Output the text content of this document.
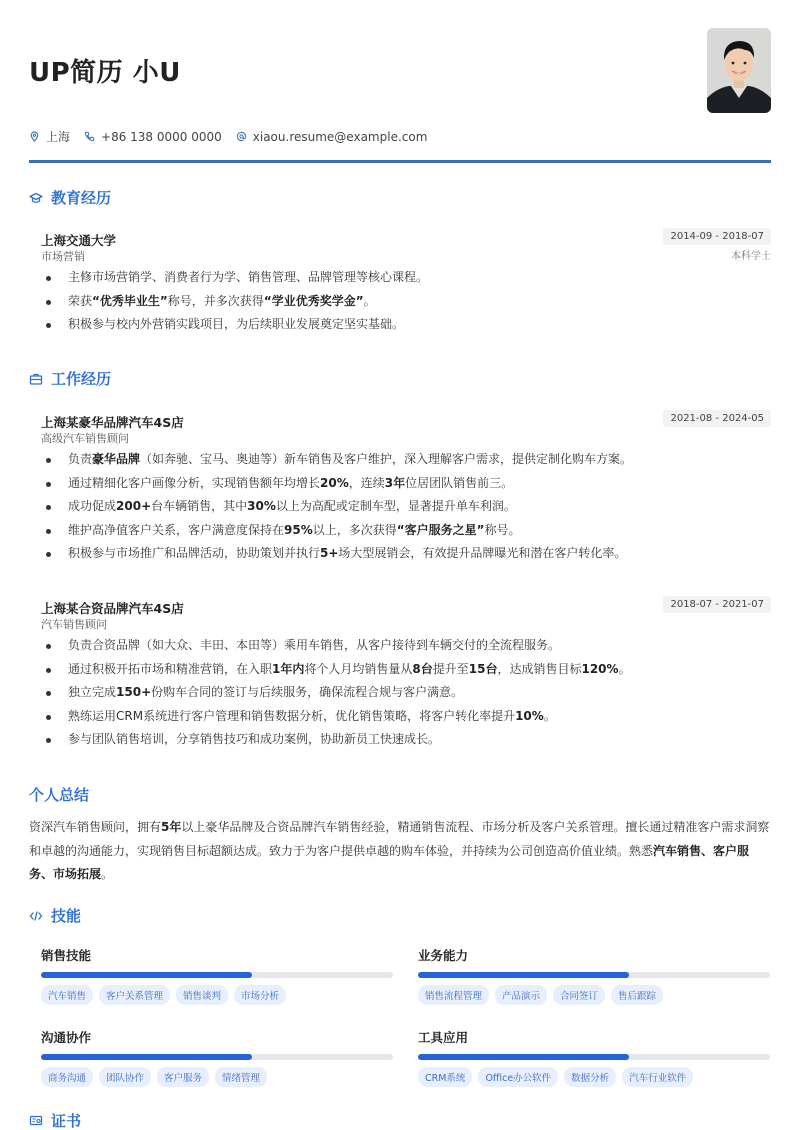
UP简历 小U
上海	+86 138 0000 0000	xiaou.resume@example.com
教育经历
上海交通大学	2014-09 - 2018-07
市场营销	本科学士
主修市场营销学、消费者行为学、销售管理、品牌管理等核心课程。
荣获“优秀毕业生”称号，并多次获得“学业优秀奖学金”。
积极参与校内外营销实践项目，为后续职业发展奠定坚实基础。
工作经历
上海某豪华品牌汽车4S店	2021-08 - 2024-05
高级汽车销售顾问
负责豪华品牌（如奔驰、宝马、奥迪等）新车销售及客户维护，深入理解客户需求，提供定制化购车方案。
通过精细化客户画像分析，实现销售额年均增长20%，连续3年位居团队销售前三。
成功促成200+台车辆销售，其中30%以上为高配或定制车型，显著提升单车利润。
维护高净值客户关系，客户满意度保持在95%以上，多次获得“客户服务之星”称号。
积极参与市场推广和品牌活动，协助策划并执行5+场大型展销会，有效提升品牌曝光和潜在客户转化率。
上海某合资品牌汽车4S店	2018-07 - 2021-07
汽车销售顾问
负责合资品牌（如大众、丰田、本田等）乘用车销售，从客户接待到车辆交付的全流程服务。
通过积极开拓市场和精准营销，在入职1年内将个人月均销售量从8台提升至15台，达成销售目标120%。
独立完成150+份购车合同的签订与后续服务，确保流程合规与客户满意。
熟练运用CRM系统进行客户管理和销售数据分析，优化销售策略，将客户转化率提升10%。
参与团队销售培训，分享销售技巧和成功案例，协助新员工快速成长。
个人总结
资深汽车销售顾问，拥有5年以上豪华品牌及合资品牌汽车销售经验，精通销售流程、市场分析及客户关系管理。擅长通过精准客户需求洞察和卓越的沟通能力，实现销售目标超额达成。致力于为客户提供卓越的购车体验，并持续为公司创造高价值业绩。熟悉汽车销售、客户服务、市场拓展。
技能
销售技能
汽车销售	客户关系管理	销售谈判	市场分析
业务能力
销售流程管理	产品演示	合同签订	售后跟踪
沟通协作
商务沟通	团队协作	客户服务	情绪管理
工具应用
CRM系统	Office办公软件	数据分析	汽车行业软件
证书
